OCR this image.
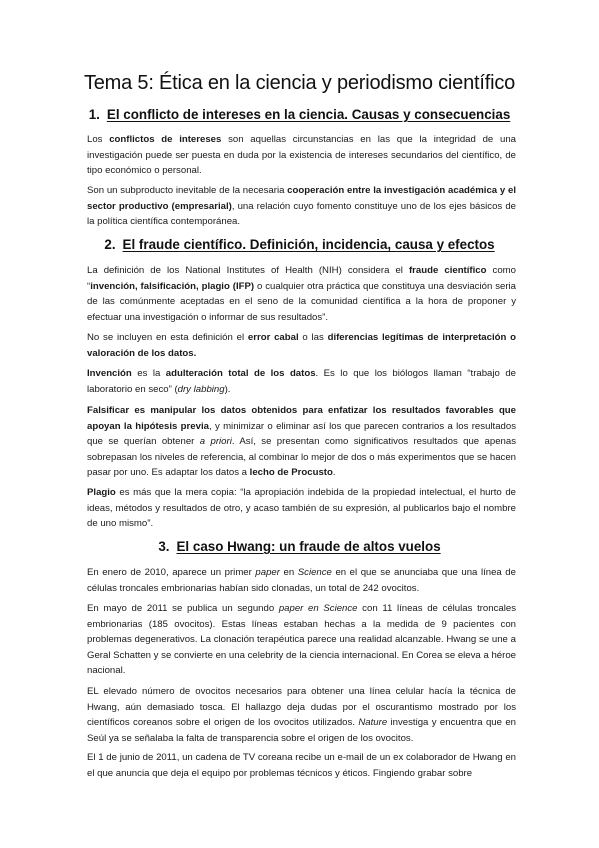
Tema 5: Ética en la ciencia y periodismo científico
1. El conflicto de intereses en la ciencia. Causas y consecuencias

Los conflictos de intereses son aquellas circunstancias en las que la integridad de una investigación puede ser puesta en duda por la existencia de intereses secundarios del científico, de tipo económico o personal.

Son un subproducto inevitable de la necesaria cooperación entre la investigación académica y el sector productivo (empresarial), una relación cuyo fomento constituye uno de los ejes básicos de la política científica contemporánea.

2. El fraude científico. Definición, incidencia, causa y efectos

La definición de los National Institutes of Health (NIH) considera el fraude científico como “invención, falsificación, plagio (IFP) o cualquier otra práctica que constituya una desviación seria de las comúnmente aceptadas en el seno de la comunidad científica a la hora de proponer y efectuar una investigación o informar de sus resultados”.

No se incluyen en esta definición el error cabal o las diferencias legítimas de interpretación o valoración de los datos.

Invención es la adulteración total de los datos. Es lo que los biólogos llaman “trabajo de laboratorio en seco” (dry labbing).

Falsificar es manipular los datos obtenidos para enfatizar los resultados favorables que apoyan la hipótesis previa, y minimizar o eliminar así los que parecen contrarios a los resultados que se querían obtener a priori. Así, se presentan como significativos resultados que apenas sobrepasan los niveles de referencia, al combinar lo mejor de dos o más experimentos que se hacen pasar por uno. Es adaptar los datos a lecho de Procusto.

Plagio es más que la mera copia: “la apropiación indebida de la propiedad intelectual, el hurto de ideas, métodos y resultados de otro, y acaso también de su expresión, al publicarlos bajo el nombre de uno mismo”.

3. El caso Hwang: un fraude de altos vuelos

En enero de 2010, aparece un primer paper en Science en el que se anunciaba que una línea de células troncales embrionarias habían sido clonadas, un total de 242 ovocitos.

En mayo de 2011 se publica un segundo paper en Science con 11 líneas de células troncales embrionarias (185 ovocitos). Estas líneas estaban hechas a la medida de 9 pacientes con problemas degenerativos. La clonación terapéutica parece una realidad alcanzable. Hwang se une a Geral Schatten y se convierte en una celebrity de la ciencia internacional. En Corea se eleva a héroe nacional.

EL elevado número de ovocitos necesarios para obtener una línea celular hacía la técnica de Hwang, aún demasiado tosca. El hallazgo deja dudas por el oscurantismo mostrado por los científicos coreanos sobre el origen de los ovocitos utilizados. Nature investiga y encuentra que en Seúl ya se señalaba la falta de transparencia sobre el origen de los ovocitos.

El 1 de junio de 2011, un cadena de TV coreana recibe un e-mail de un ex colaborador de Hwang en el que anuncia que deja el equipo por problemas técnicos y éticos. Fingiendo grabar sobre
